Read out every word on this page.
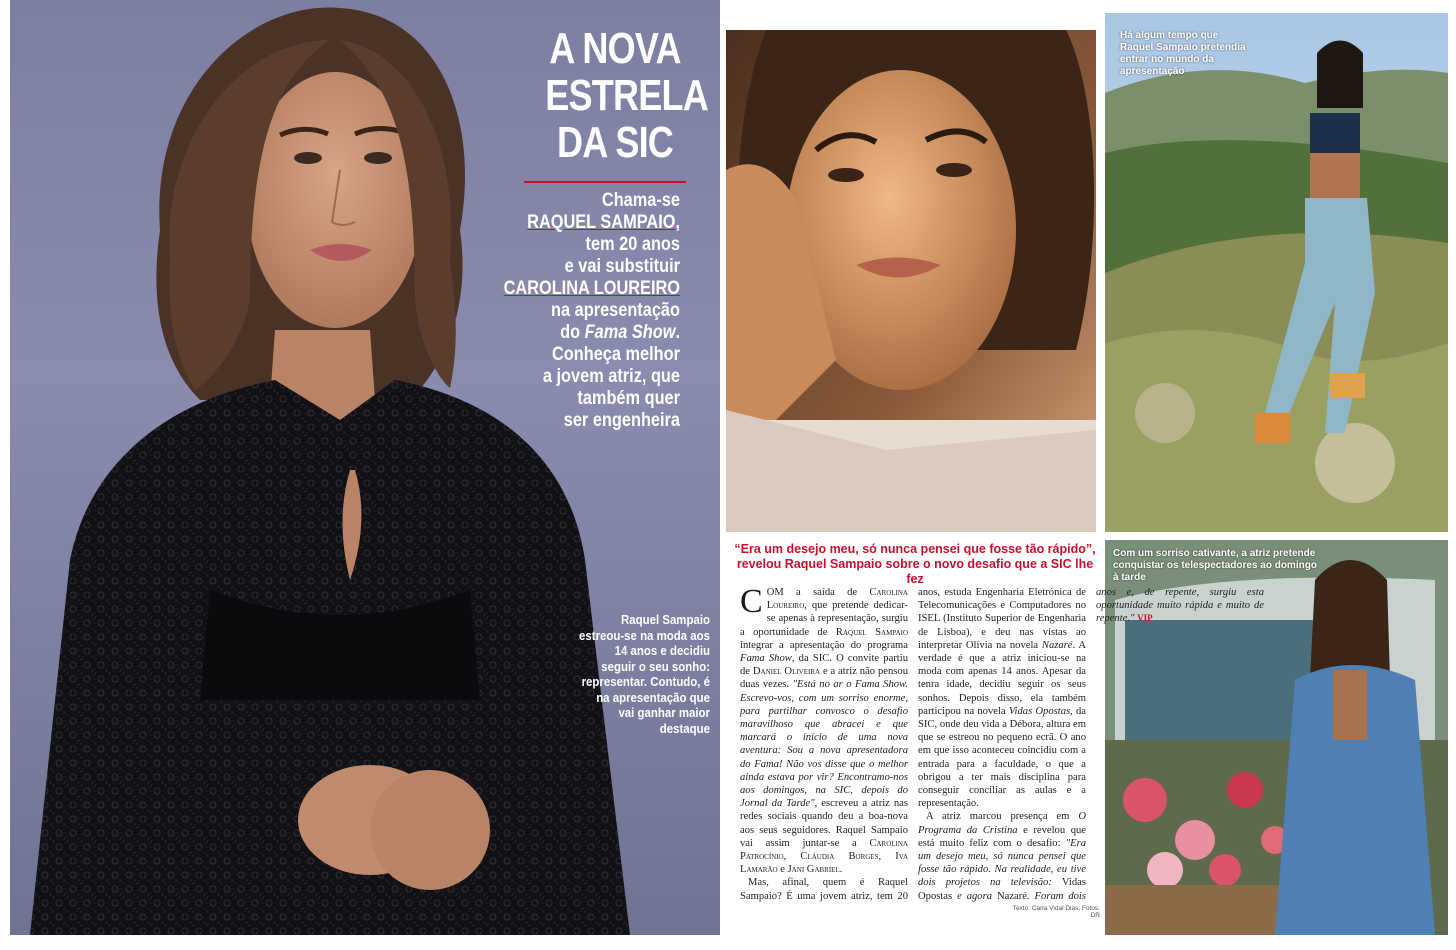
A NOVA
ESTRELA
DA SIC
Chama-se
RAQUEL SAMPAIO,
tem 20 anos
e vai substituir
CAROLINA LOUREIRO
na apresentação
do Fama Show.
Conheça melhor
a jovem atriz, que
também quer
ser engenheira
Raquel Sampaio estreou-se na moda aos 14 anos e decidiu seguir o seu sonho: representar. Contudo, é na apresentação que vai ganhar maior destaque
Há algum tempo que Raquel Sampaio pretendia entrar no mundo da apresentação
Com um sorriso cativante, a atriz pretende conquistar os telespectadores ao domingo à tarde
“Era um desejo meu, só nunca pensei que fosse tão rápido”, revelou Raquel Sampaio sobre o novo desafio que a SIC lhe fez

COM a saída de Carolina Loureiro, que pretende dedicar-se apenas à representação, surgiu a oportunidade de Raquel Sampaio integrar a apresentação do programa Fama Show, da SIC. O convite partiu de Daniel Oliveira e a atriz não pensou duas vezes. "Está no ar o Fama Show. Escrevo-vos, com um sorriso enorme, para partilhar convosco o desafio maravilhoso que abracei e que marcará o início de uma nova aventura: Sou a nova apresentadora do Fama! Não vos disse que o melhor ainda estava por vir? Encontramo-nos aos domingos, na SIC, depois do Jornal da Tarde", escreveu a atriz nas redes sociais quando deu a boa-nova aos seus seguidores. Raquel Sampaio vai assim juntar-se a Carolina Patrocínio, Cláudia Borges, Iva Lamarão e Jani Gabriel.

Mas, afinal, quem é Raquel Sampaio? É uma jovem atriz, tem 20 anos, estuda Engenharia Eletrónica de Telecomunicações e Computadores no ISEL (Instituto Superior de Engenharia de Lisboa), e deu nas vistas ao interpretar Olívia na novela Nazaré. A verdade é que a atriz iniciou-se na moda com apenas 14 anos. Apesar da tenra idade, decidiu seguir os seus sonhos. Depois disso, ela também participou na novela Vidas Opostas, da SIC, onde deu vida a Débora, altura em que se estreou no pequeno ecrã. O ano em que isso aconteceu coincidiu com a entrada para a faculdade, o que a obrigou a ter mais disciplina para conseguir conciliar as aulas e a representação.

A atriz marcou presença em O Programa da Cristina e revelou que está muito feliz com o desafio: "Era um desejo meu, só nunca pensei que fosse tão rápido. Na realidade, eu tive dois projetos na televisão: Vidas Opostas e agora Nazaré. Foram dois anos e, de repente, surgiu esta oportunidade muito rápida e muito de repente." VIP

Texto: Carla Vidal Dias; Fotos: DR
